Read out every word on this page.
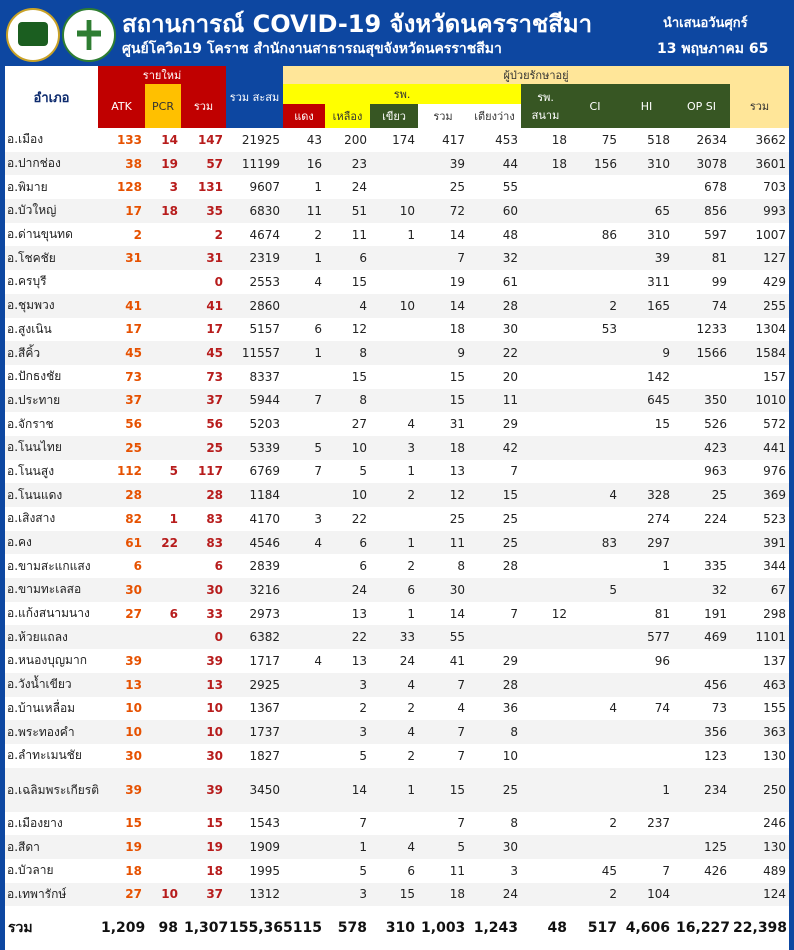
สถานการณ์ COVID-19 จังหวัดนครราชสีมา
ศูนย์โควิด19 โคราช สำนักงานสาธารณสุขจังหวัดนครราชสีมา
นำเสนอวันศุกร์
13 พฤษภาคม 65
อำเภอ	รายใหม่			รวม สะสม	ผู้ป่วยรักษาอยู่									
	ATK	PCR	รวม		รพ.					รพ. สนาม	CI	HI	OP SI	รวม
					แดง	เหลือง	เขียว	รวม	เตียงว่าง					
อ.เมือง	133	14	147	21925	43	200	174	417	453	18	75	518	2634	3662
อ.ปากช่อง	38	19	57	11199	16	23		39	44	18	156	310	3078	3601
อ.พิมาย	128	3	131	9607	1	24		25	55				678	703
อ.บัวใหญ่	17	18	35	6830	11	51	10	72	60			65	856	993
อ.ด่านขุนทด	2		2	4674	2	11	1	14	48		86	310	597	1007
อ.โชคชัย	31		31	2319	1	6		7	32			39	81	127
อ.ครบุรี			0	2553	4	15		19	61			311	99	429
อ.ชุมพวง	41		41	2860		4	10	14	28		2	165	74	255
อ.สูงเนิน	17		17	5157	6	12		18	30		53		1233	1304
อ.สีคิ้ว	45		45	11557	1	8		9	22			9	1566	1584
อ.ปักธงชัย	73		73	8337		15		15	20			142		157
อ.ประทาย	37		37	5944	7	8		15	11			645	350	1010
อ.จักราช	56		56	5203		27	4	31	29			15	526	572
อ.โนนไทย	25		25	5339	5	10	3	18	42				423	441
อ.โนนสูง	112	5	117	6769	7	5	1	13	7				963	976
อ.โนนแดง	28		28	1184		10	2	12	15		4	328	25	369
อ.เสิงสาง	82	1	83	4170	3	22		25	25			274	224	523
อ.คง	61	22	83	4546	4	6	1	11	25		83	297		391
อ.ขามสะแกแสง	6		6	2839		6	2	8	28			1	335	344
อ.ขามทะเลสอ	30		30	3216		24	6	30			5		32	67
อ.แก้งสนามนาง	27	6	33	2973		13	1	14	7	12		81	191	298
อ.ห้วยแถลง			0	6382		22	33	55				577	469	1101
อ.หนองบุญมาก	39		39	1717	4	13	24	41	29			96		137
อ.วังน้ำเขียว	13		13	2925		3	4	7	28				456	463
อ.บ้านเหลื่อม	10		10	1367		2	2	4	36		4	74	73	155
อ.พระทองคำ	10		10	1737		3	4	7	8				356	363
อ.ลำทะเมนชัย	30		30	1827		5	2	7	10				123	130
อ.เฉลิมพระเกียรติ	39		39	3450		14	1	15	25			1	234	250
อ.เมืองยาง	15		15	1543		7		7	8		2	237		246
อ.สีดา	19		19	1909		1	4	5	30				125	130
อ.บัวลาย	18		18	1995		5	6	11	3		45	7	426	489
อ.เทพารักษ์	27	10	37	1312		3	15	18	24		2	104		124
รวม	1,209	98	1,307	155,365	115	578	310	1,003	1,243	48	517	4,606	16,227	22,398
